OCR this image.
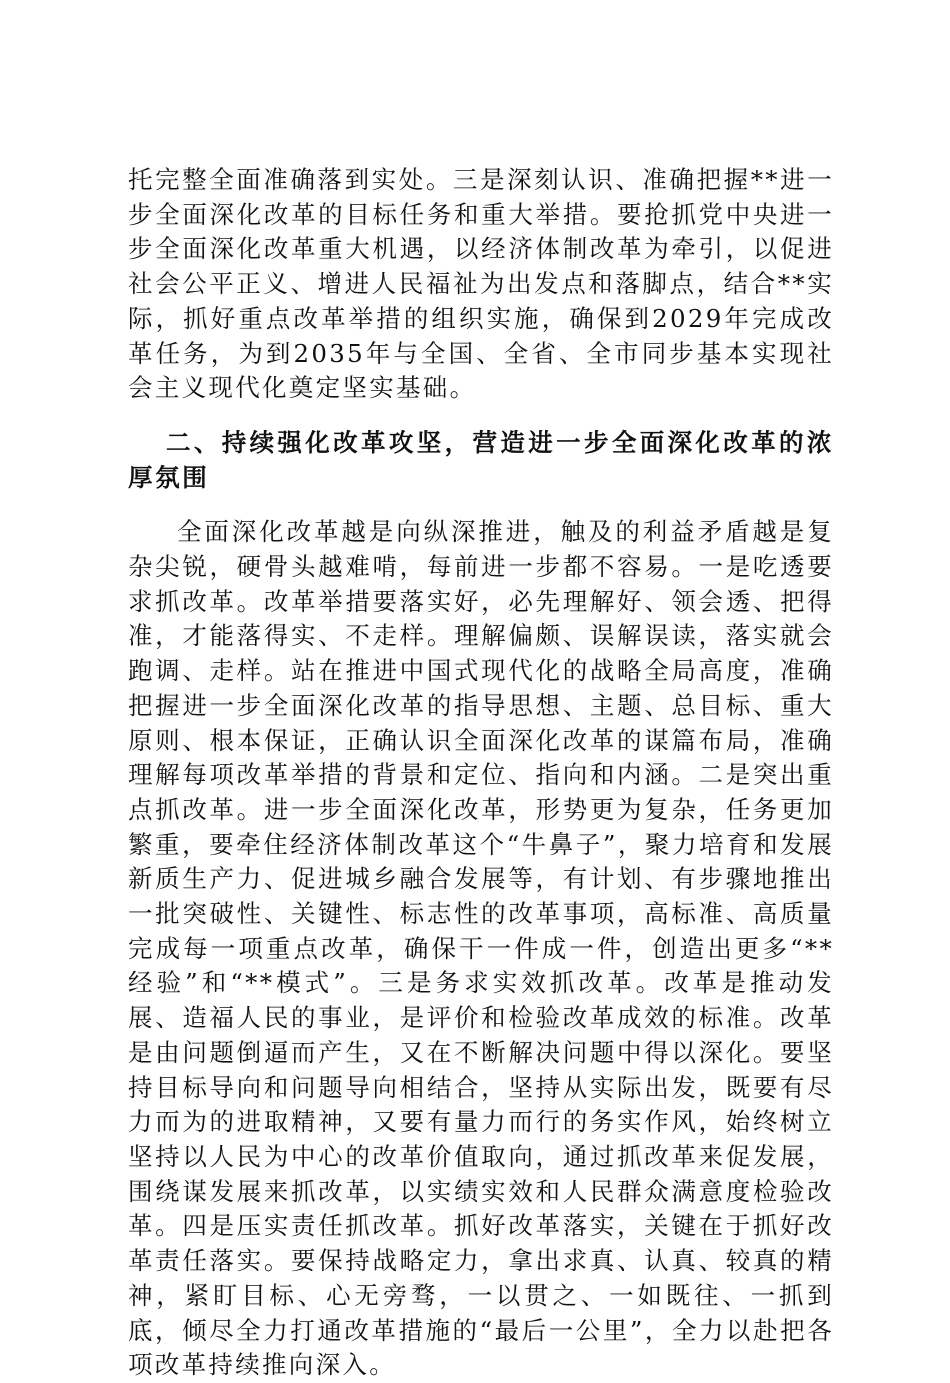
托完整全面准确落到实处。三是深刻认识、准确把握**进一步全面深化改革的目标任务和重大举措。要抢抓党中央进一步全面深化改革重大机遇，以经济体制改革为牵引，以促进社会公平正义、增进人民福祉为出发点和落脚点，结合**实际，抓好重点改革举措的组织实施，确保到2029年完成改革任务，为到2035年与全国、全省、全市同步基本实现社会主义现代化奠定坚实基础。

二、持续强化改革攻坚，营造进一步全面深化改革的浓厚氛围

全面深化改革越是向纵深推进，触及的利益矛盾越是复杂尖锐，硬骨头越难啃，每前进一步都不容易。一是吃透要求抓改革。改革举措要落实好，必先理解好、领会透、把得准，才能落得实、不走样。理解偏颇、误解误读，落实就会跑调、走样。站在推进中国式现代化的战略全局高度，准确把握进一步全面深化改革的指导思想、主题、总目标、重大原则、根本保证，正确认识全面深化改革的谋篇布局，准确理解每项改革举措的背景和定位、指向和内涵。二是突出重点抓改革。进一步全面深化改革，形势更为复杂，任务更加繁重，要牵住经济体制改革这个“牛鼻子”，聚力培育和发展新质生产力、促进城乡融合发展等，有计划、有步骤地推出一批突破性、关键性、标志性的改革事项，高标准、高质量完成每一项重点改革，确保干一件成一件，创造出更多“**经验”和“**模式”。三是务求实效抓改革。改革是推动发展、造福人民的事业，是评价和检验改革成效的标准。改革是由问题倒逼而产生，又在不断解决问题中得以深化。要坚持目标导向和问题导向相结合，坚持从实际出发，既要有尽力而为的进取精神，又要有量力而行的务实作风，始终树立坚持以人民为中心的改革价值取向，通过抓改革来促发展，围绕谋发展来抓改革，以实绩实效和人民群众满意度检验改革。四是压实责任抓改革。抓好改革落实，关键在于抓好改革责任落实。要保持战略定力，拿出求真、认真、较真的精神，紧盯目标、心无旁骛，一以贯之、一如既往、一抓到底，倾尽全力打通改革措施的“最后一公里”，全力以赴把各项改革持续推向深入。
